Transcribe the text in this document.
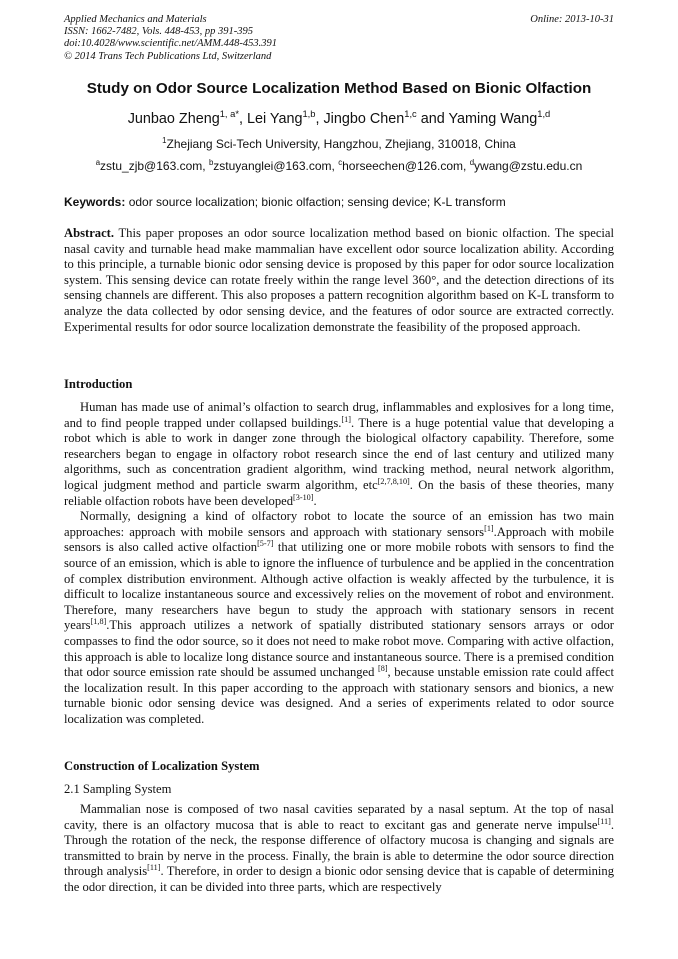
Applied Mechanics and Materials
ISSN: 1662-7482, Vols. 448-453, pp 391-395
doi:10.4028/www.scientific.net/AMM.448-453.391
© 2014 Trans Tech Publications Ltd, Switzerland
Online: 2013-10-31
Study on Odor Source Localization Method Based on Bionic Olfaction
Junbao Zheng$^{1, a*}$, Lei Yang$^{1,b}$, Jingbo Chen$^{1,c}$ and Yaming Wang$^{1,d}$
$^1$Zhejiang Sci-Tech University, Hangzhou, Zhejiang, 310018, China
$^a$zstu_zjb@163.com, $^b$zstuyanglei@163.com, $^c$horseechen@126.com, $^d$ywang@zstu.edu.cn
Keywords: odor source localization; bionic olfaction; sensing device; K-L transform
Abstract. This paper proposes an odor source localization method based on bionic olfaction. The special nasal cavity and turnable head make mammalian have excellent odor source localization ability. According to this principle, a turnable bionic odor sensing device is proposed by this paper for odor source localization system. This sensing device can rotate freely within the range level 360°, and the detection directions of its sensing channels are different. This also proposes a pattern recognition algorithm based on K-L transform to analyze the data collected by odor sensing device, and the features of odor source are extracted correctly. Experimental results for odor source localization demonstrate the feasibility of the proposed approach.
Introduction

Human has made use of animal’s olfaction to search drug, inflammables and explosives for a long time, and to find people trapped under collapsed buildings.[1]. There is a huge potential value that developing a robot which is able to work in danger zone through the biological olfactory capability. Therefore, some researchers began to engage in olfactory robot research since the end of last century and utilized many algorithms, such as concentration gradient algorithm, wind tracking method, neural network algorithm, logical judgment method and particle swarm algorithm, etc[2,7,8,10]. On the basis of these theories, many reliable olfaction robots have been developed[3-10].

Normally, designing a kind of olfactory robot to locate the source of an emission has two main approaches: approach with mobile sensors and approach with stationary sensors[1].Approach with mobile sensors is also called active olfaction[5-7] that utilizing one or more mobile robots with sensors to find the source of an emission, which is able to ignore the influence of turbulence and be applied in the concentration of complex distribution environment. Although active olfaction is weakly affected by the turbulence, it is difficult to localize instantaneous source and excessively relies on the movement of robot and environment. Therefore, many researchers have begun to study the approach with stationary sensors in recent years[1,8].This approach utilizes a network of spatially distributed stationary sensors arrays or odor compasses to find the odor source, so it does not need to make robot move. Comparing with active olfaction, this approach is able to localize long distance source and instantaneous source. There is a premised condition that odor source emission rate should be assumed unchanged [8], because unstable emission rate could affect the localization result. In this paper according to the approach with stationary sensors and bionics, a new turnable bionic odor sensing device was designed. And a series of experiments related to odor source localization was completed.

Construction of Localization System
2.1 Sampling System

Mammalian nose is composed of two nasal cavities separated by a nasal septum. At the top of nasal cavity, there is an olfactory mucosa that is able to react to excitant gas and generate nerve impulse[11]. Through the rotation of the neck, the response difference of olfactory mucosa is changing and signals are transmitted to brain by nerve in the process. Finally, the brain is able to determine the odor source direction through analysis[11]. Therefore, in order to design a bionic odor sensing device that is capable of determining the odor direction, it can be divided into three parts, which are respectively
